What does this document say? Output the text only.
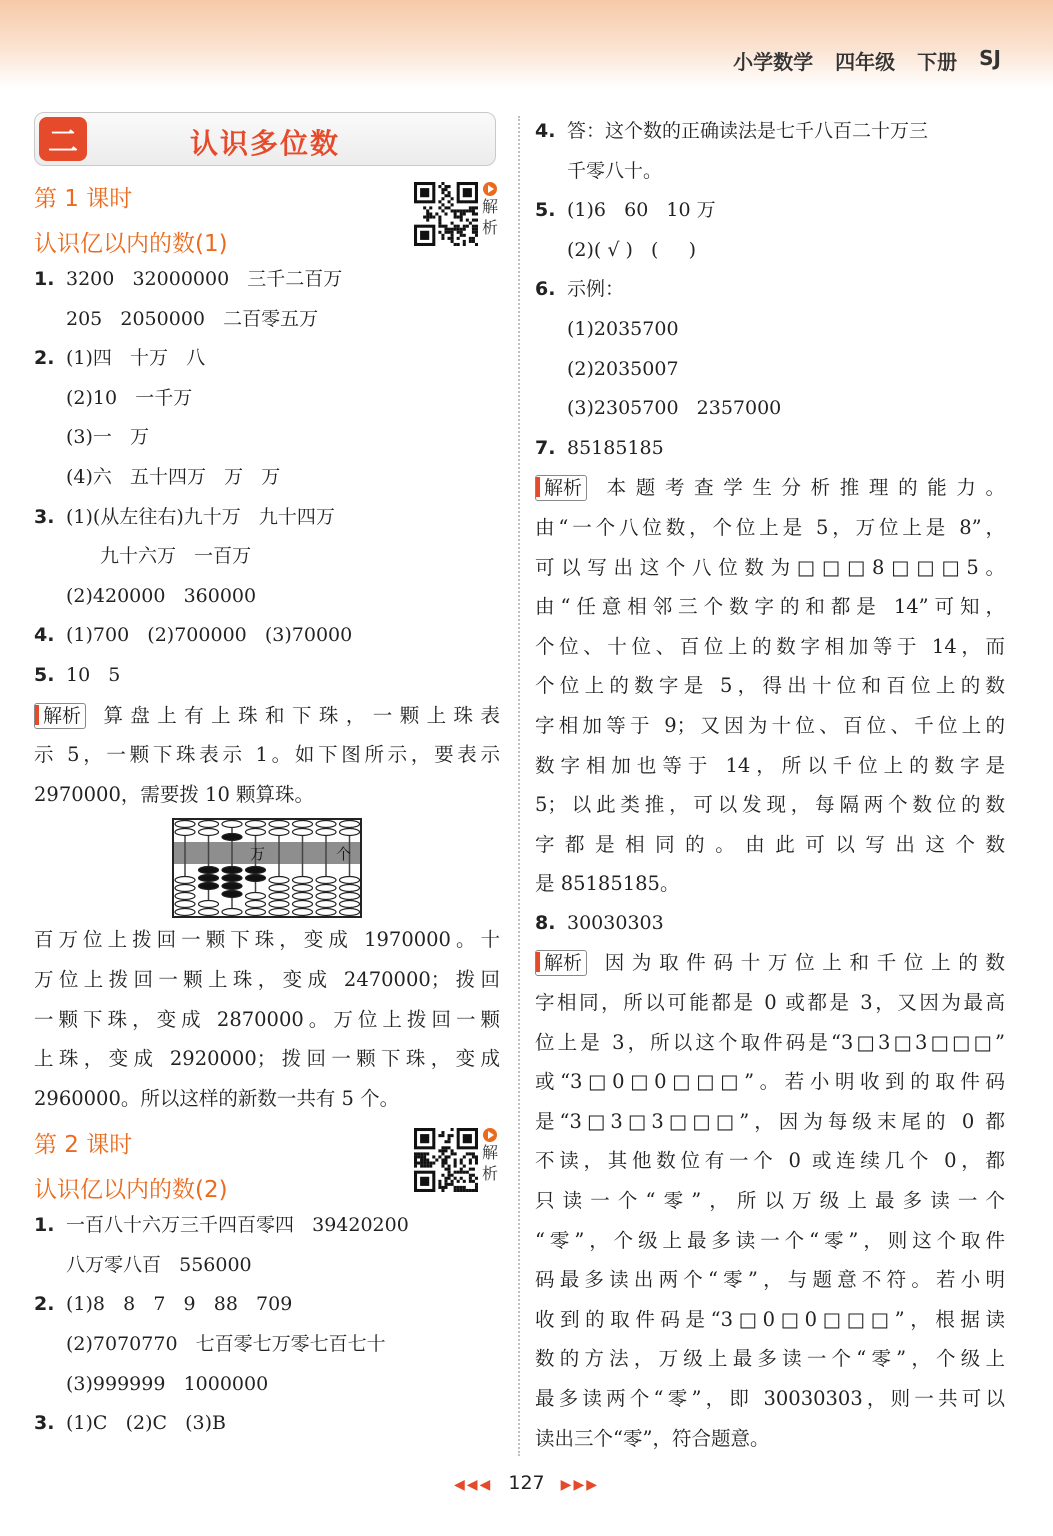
小学数学 四年级 下册 SJ
二	认识多位数
第 1 课时
认识亿以内的数(1)
解
析
1. 3200   32000000   三千二百万
205   2050000   二百零五万
2. (1)四   十万   八
(2)10   一千万
(3)一   万
(4)六   五十四万   万   万
3. (1)(从左往右)九十万   九十四万
九十六万   一百万
(2)420000   360000
4. (1)700   (2)700000   (3)70000
5. 10   5
解析 算盘上有上珠和下珠，一颗上珠表
示 5，一颗下珠表示 1。如下图所示，要表示
2970000，需要拨 10 颗算珠。
万	个
百万位上拨回一颗下珠，变成 1970000。十
万位上拨回一颗上珠，变成 2470000；拨回
一颗下珠，变成 2870000。万位上拨回一颗
上珠，变成 2920000；拨回一颗下珠，变成
2960000。所以这样的新数一共有 5 个。
第 2 课时
认识亿以内的数(2)
解
析
1. 一百八十六万三千四百零四   39420200
八万零八百   556000
2. (1)8   8   7   9   88   709
(2)7070770   七百零七万零七百七十
(3)999999   1000000
3. (1)C   (2)C   (3)B
4. 答：这个数的正确读法是七千八百二十万三
千零八十。
5. (1)6   60   10 万
(2)( √ )   (     )
6. 示例：
(1)2035700
(2)2035007
(3)2305700   2357000
7. 85185185
解析 本题考查学生分析推理的能力。
由“一个八位数，个位上是 5，万位上是 8”，
可以写出这个八位数为□□□8□□□5。
由“任意相邻三个数字的和都是 14”可知，
个位、十位、百位上的数字相加等于 14，而
个位上的数字是 5，得出十位和百位上的数
字相加等于 9；又因为十位、百位、千位上的
数字相加也等于 14，所以千位上的数字是
5；以此类推，可以发现，每隔两个数位的数
字都是相同的。由此可以写出这个数
是 85185185。
8. 30030303
解析 因为取件码十万位上和千位上的数
字相同，所以可能都是 0 或都是 3，又因为最高
位上是 3，所以这个取件码是“3□3□3□□□”
或“3□0□0□□□”。若小明收到的取件码
是“3□3□3□□□”，因为每级末尾的 0 都
不读，其他数位有一个 0 或连续几个 0，都
只读一个“零”，所以万级上最多读一个
“零”，个级上最多读一个“零”，则这个取件
码最多读出两个“零”，与题意不符。若小明
收到的取件码是“3□0□0□□□”，根据读
数的方法，万级上最多读一个“零”，个级上
最多读两个“零”，即 30030303，则一共可以
读出三个“零”，符合题意。
◀◀◀ 127 ▶▶▶
